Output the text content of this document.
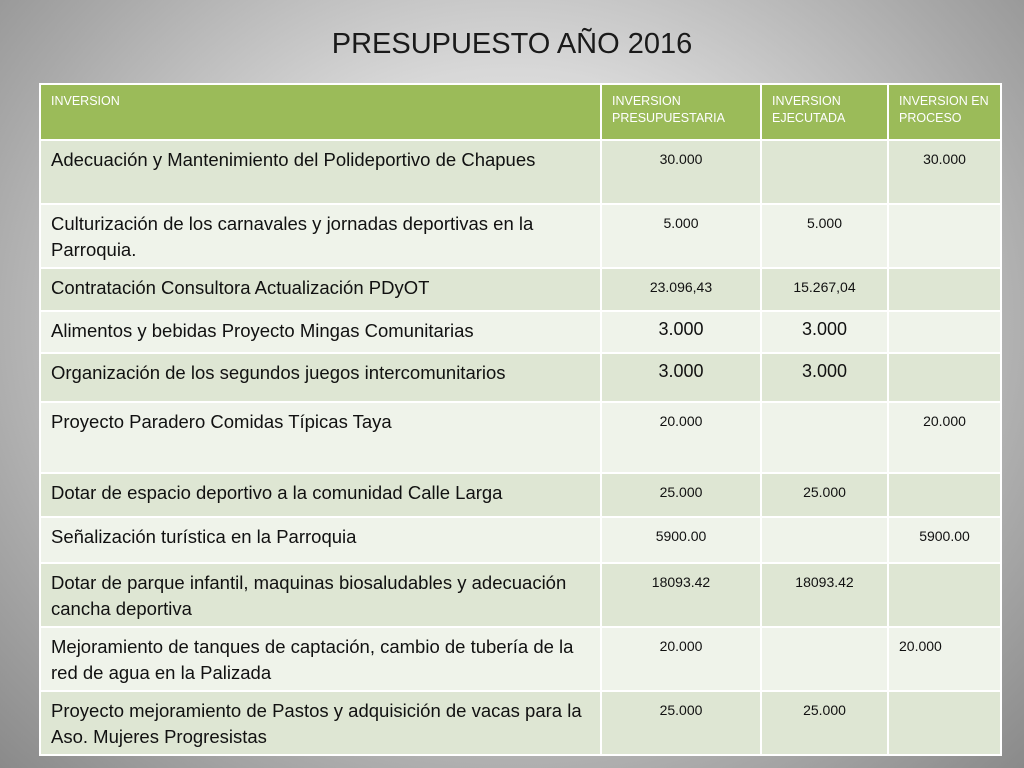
PRESUPUESTO AÑO 2016
INVERSION	INVERSION PRESUPUESTARIA	INVERSION EJECUTADA	INVERSION EN PROCESO
Adecuación y Mantenimiento del Polideportivo de Chapues	30.000		30.000
Culturización de los carnavales y jornadas deportivas en la Parroquia.	5.000	5.000	
Contratación Consultora Actualización PDyOT	23.096,43	15.267,04	
Alimentos y bebidas Proyecto Mingas Comunitarias	3.000	3.000	
Organización de los segundos juegos intercomunitarios	3.000	3.000	
Proyecto Paradero Comidas Típicas Taya	20.000		20.000
Dotar de espacio deportivo a la comunidad Calle Larga	25.000	25.000	
Señalización turística en la Parroquia	5900.00		5900.00
Dotar de parque infantil, maquinas biosaludables y adecuación cancha deportiva	18093.42	18093.42	
Mejoramiento de tanques de captación, cambio de tubería de la red de agua en la Palizada	20.000		20.000
Proyecto mejoramiento de Pastos y adquisición de vacas para la Aso. Mujeres Progresistas	25.000	25.000	
